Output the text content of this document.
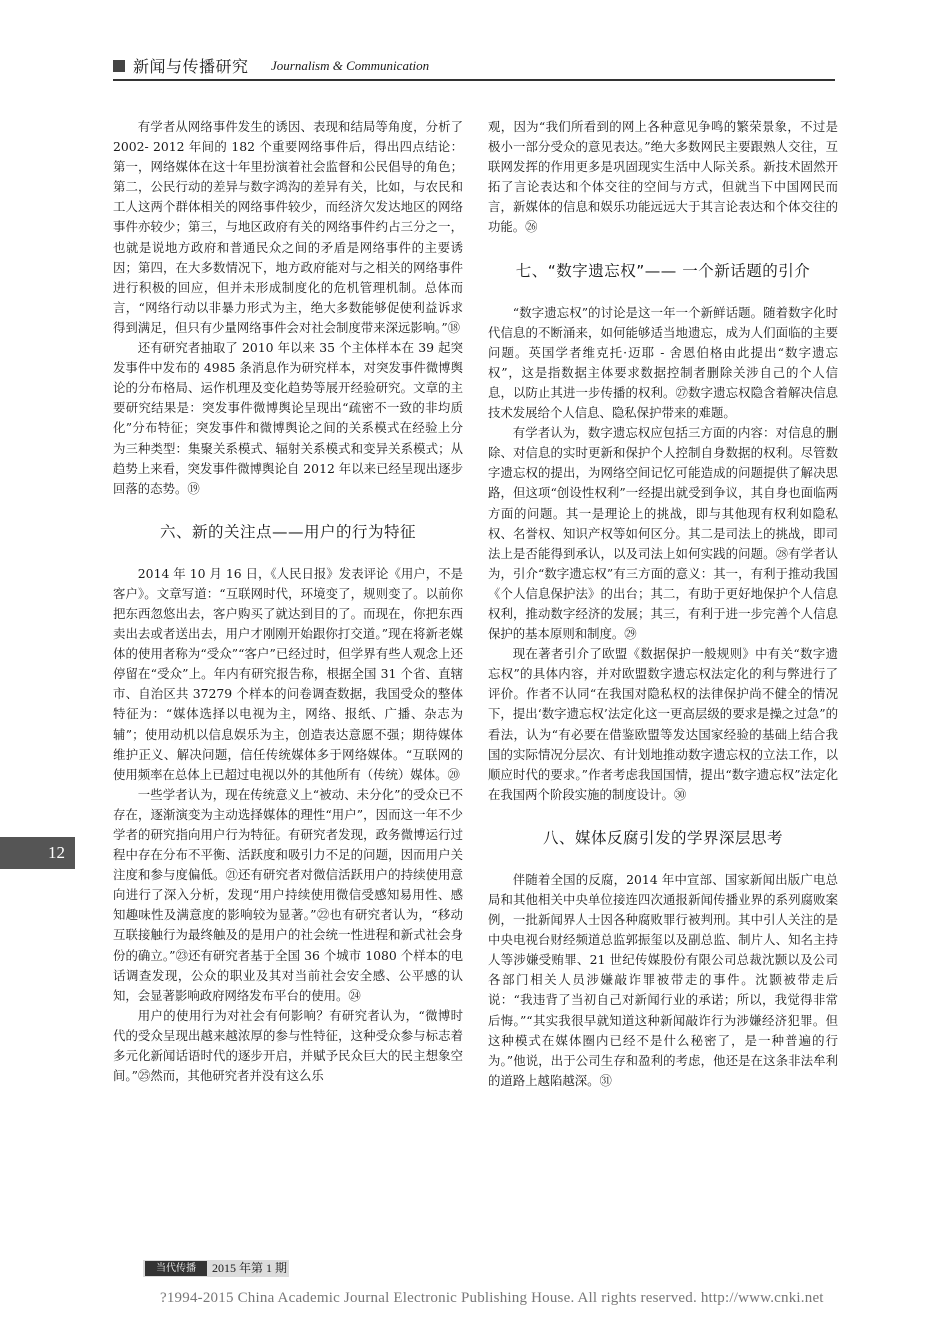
新闻与传播研究 Journalism & Communication

有学者从网络事件发生的诱因、表现和结局等角度，分析了 2002- 2012 年间的 182 个重要网络事件后，得出四点结论：第一，网络媒体在这十年里扮演着社会监督和公民倡导的角色；第二，公民行动的差异与数字鸿沟的差异有关，比如，与农民和工人这两个群体相关的网络事件较少，而经济欠发达地区的网络事件亦较少；第三，与地区政府有关的网络事件约占三分之一，也就是说地方政府和普通民众之间的矛盾是网络事件的主要诱因；第四，在大多数情况下，地方政府能对与之相关的网络事件进行积极的回应，但并未形成制度化的危机管理机制。总体而言，“网络行动以非暴力形式为主，绝大多数能够促使利益诉求得到满足，但只有少量网络事件会对社会制度带来深远影响。”⑱

还有研究者抽取了 2010 年以来 35 个主体样本在 39 起突发事件中发布的 4985 条消息作为研究样本，对突发事件微博舆论的分布格局、运作机理及变化趋势等展开经验研究。文章的主要研究结果是：突发事件微博舆论呈现出“疏密不一致的非均质化”分布特征；突发事件和微博舆论之间的关系模式在经验上分为三种类型：集聚关系模式、辐射关系模式和变异关系模式；从趋势上来看，突发事件微博舆论自 2012 年以来已经呈现出逐步回落的态势。⑲

六、新的关注点——用户的行为特征

2014 年 10 月 16 日，《人民日报》发表评论《用户，不是客户》。文章写道：“互联网时代，环境变了，规则变了。以前你把东西忽悠出去，客户购买了就达到目的了。而现在，你把东西卖出去或者送出去，用户才刚刚开始跟你打交道。”现在将新老媒体的使用者称为“受众”“客户”已经过时，但学界有些人观念上还停留在“受众”上。年内有研究报告称，根据全国 31 个省、直辖市、自治区共 37279 个样本的问卷调查数据，我国受众的整体特征为：“媒体选择以电视为主，网络、报纸、广播、杂志为辅”；使用动机以信息娱乐为主，创造表达意愿不强；期待媒体维护正义、解决问题，信任传统媒体多于网络媒体。“互联网的使用频率在总体上已超过电视以外的其他所有（传统）媒体。⑳

一些学者认为，现在传统意义上“被动、未分化”的受众已不存在，逐渐演变为主动选择媒体的理性“用户”，因而这一年不少学者的研究指向用户行为特征。有研究者发现，政务微博运行过程中存在分布不平衡、活跃度和吸引力不足的问题，因而用户关注度和参与度偏低。㉑还有研究者对微信活跃用户的持续使用意向进行了深入分析，发现“用户持续使用微信受感知易用性、感知趣味性及满意度的影响较为显著。”㉒也有研究者认为，“移动互联接触行为最终触及的是用户的社会统一性进程和新式社会身份的确立。”㉓还有研究者基于全国 36 个城市 1080 个样本的电话调查发现，公众的职业及其对当前社会安全感、公平感的认知，会显著影响政府网络发布平台的使用。㉔

用户的使用行为对社会有何影响？有研究者认为，“微博时代的受众呈现出越来越浓厚的参与性特征，这种受众参与标志着多元化新闻话语时代的逐步开启，并赋予民众巨大的民主想象空间。”㉕然而，其他研究者并没有这么乐

观，因为“我们所看到的网上各种意见争鸣的繁荣景象，不过是极小一部分受众的意见表达。”绝大多数网民主要跟熟人交往，互联网发挥的作用更多是巩固现实生活中人际关系。新技术固然开拓了言论表达和个体交往的空间与方式，但就当下中国网民而言，新媒体的信息和娱乐功能远远大于其言论表达和个体交往的功能。㉖

七、“数字遗忘权”—— 一个新话题的引介

“数字遗忘权”的讨论是这一年一个新鲜话题。随着数字化时代信息的不断涌来，如何能够适当地遗忘，成为人们面临的主要问题。英国学者维克托·迈耶 - 舍恩伯格由此提出“数字遗忘权”，这是指数据主体要求数据控制者删除关涉自己的个人信息，以防止其进一步传播的权利。㉗数字遗忘权隐含着解决信息技术发展给个人信息、隐私保护带来的难题。

有学者认为，数字遗忘权应包括三方面的内容：对信息的删除、对信息的实时更新和保护个人控制自身数据的权利。尽管数字遗忘权的提出，为网络空间记忆可能造成的问题提供了解决思路，但这项“创设性权利”一经提出就受到争议，其自身也面临两方面的问题。其一是理论上的挑战，即与其他现有权利如隐私权、名誉权、知识产权等如何区分。其二是司法上的挑战，即司法上是否能得到承认，以及司法上如何实践的问题。㉘有学者认为，引介“数字遗忘权”有三方面的意义：其一，有利于推动我国《个人信息保护法》的出台；其二，有助于更好地保护个人信息权利，推动数字经济的发展；其三，有利于进一步完善个人信息保护的基本原则和制度。㉙

现在著者引介了欧盟《数据保护一般规则》中有关“数字遗忘权”的具体内容，并对欧盟数字遗忘权法定化的利与弊进行了评价。作者不认同“在我国对隐私权的法律保护尚不健全的情况下，提出‘数字遗忘权’法定化这一更高层级的要求是操之过急”的看法，认为“有必要在借鉴欧盟等发达国家经验的基础上结合我国的实际情况分层次、有计划地推动数字遗忘权的立法工作，以顺应时代的要求。”作者考虑我国国情，提出“数字遗忘权”法定化在我国两个阶段实施的制度设计。㉚

八、媒体反腐引发的学界深层思考

伴随着全国的反腐，2014 年中宣部、国家新闻出版广电总局和其他相关中央单位接连四次通报新闻传播业界的系列腐败案例，一批新闻界人士因各种腐败罪行被判刑。其中引人关注的是中央电视台财经频道总监郭振玺以及副总监、制片人、知名主持人等涉嫌受贿罪、21 世纪传媒股份有限公司总裁沈颢以及公司各部门相关人员涉嫌敲诈罪被带走的事件。沈颢被带走后说：“我违背了当初自己对新闻行业的承诺；所以，我觉得非常后悔。”“其实我很早就知道这种新闻敲诈行为涉嫌经济犯罪。但这种模式在媒体圈内已经不是什么秘密了，是一种普遍的行为。”他说，出于公司生存和盈利的考虑，他还是在这条非法牟利的道路上越陷越深。㉛

12
当代传播	2015 年第 1 期
?1994-2015 China Academic Journal Electronic Publishing House. All rights reserved. http://www.cnki.net
